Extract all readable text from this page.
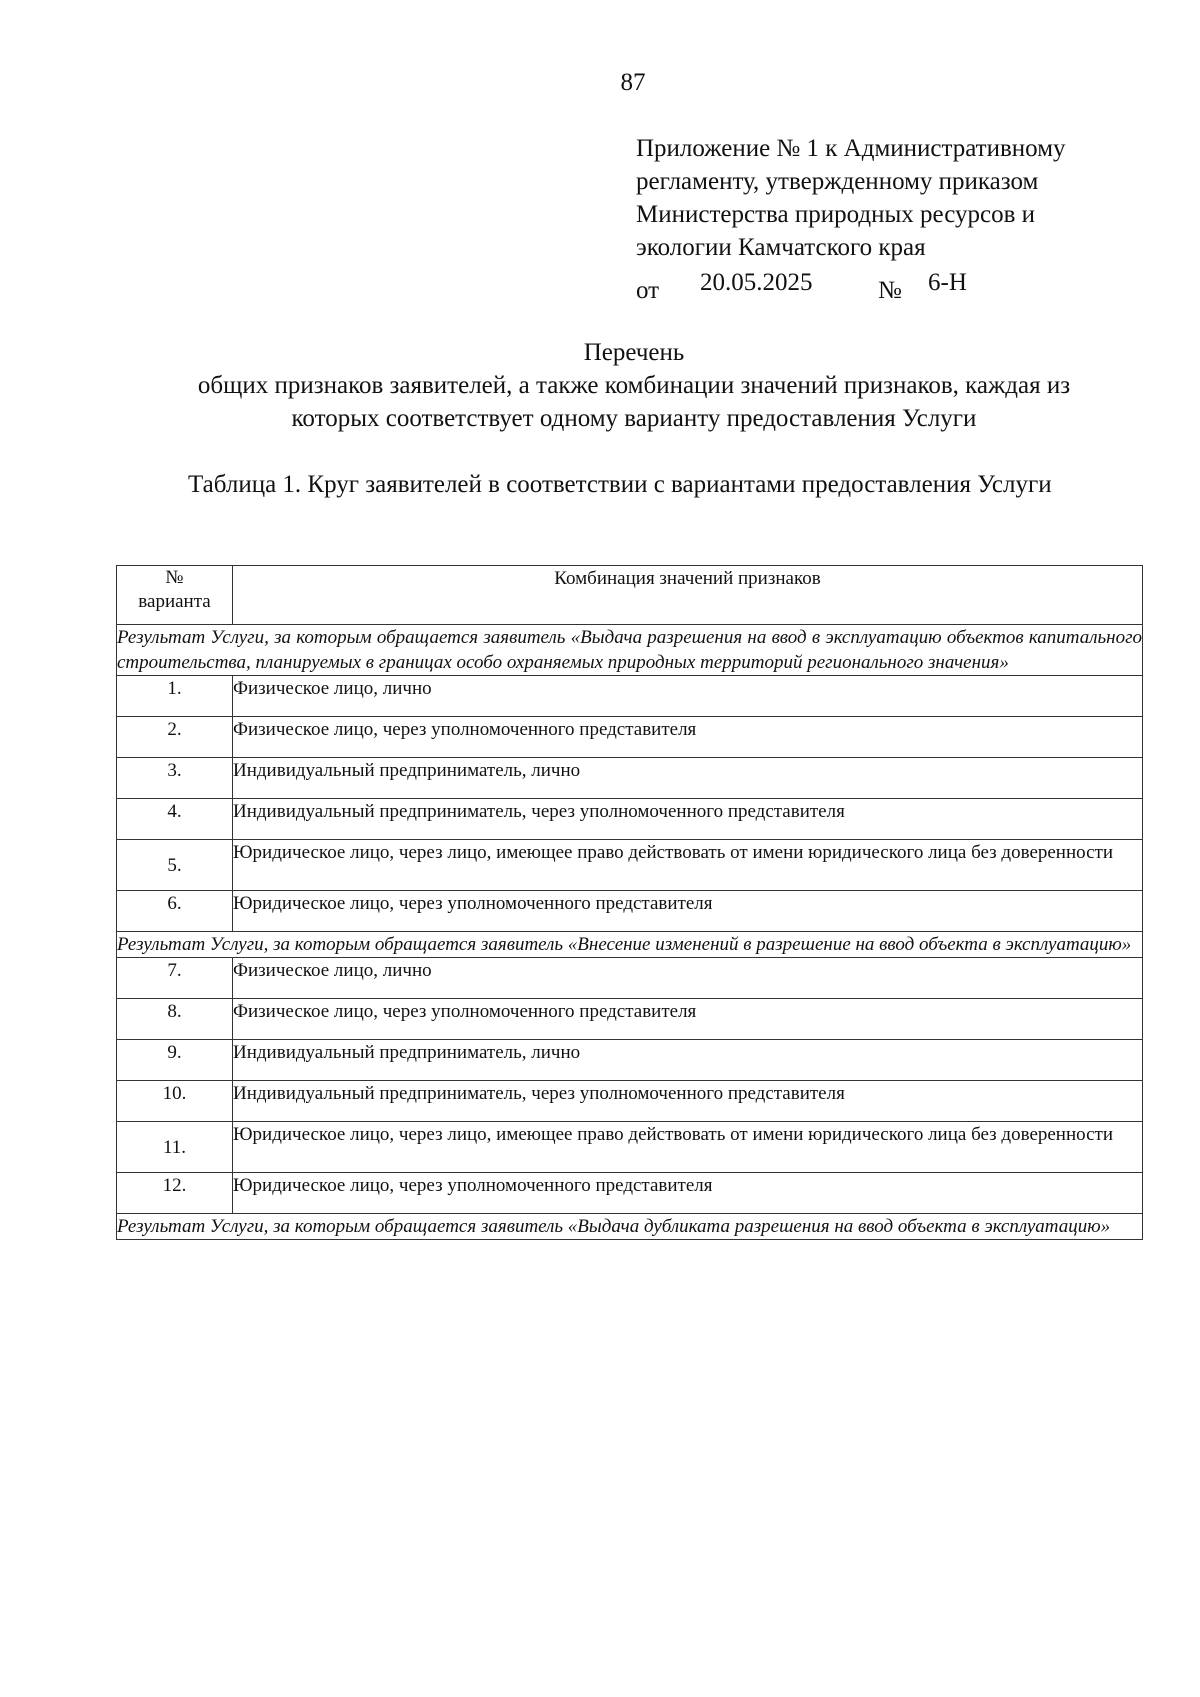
87
Приложение № 1 к Административному
регламенту, утвержденному приказом
Министерства природных ресурсов и
экологии Камчатского края
от 20.05.2025	№ 6-Н
Перечень
общих признаков заявителей, а также комбинации значений признаков, каждая из
которых соответствует одному варианту предоставления Услуги
Таблица 1. Круг заявителей в соответствии с вариантами предоставления Услуги
№
варианта	Комбинация значений признаков
Результат Услуги, за которым обращается заявитель «Выдача разрешения на ввод в эксплуатацию объектов капитального строительства, планируемых в границах особо охраняемых природных территорий регионального значения»	
1.	Физическое лицо, лично
2.	Физическое лицо, через уполномоченного представителя
3.	Индивидуальный предприниматель, лично
4.	Индивидуальный предприниматель, через уполномоченного представителя
5.	Юридическое лицо, через лицо, имеющее право действовать от имени юридического лица без доверенности
6.	Юридическое лицо, через уполномоченного представителя
Результат Услуги, за которым обращается заявитель «Внесение изменений в разрешение на ввод объекта в эксплуатацию»	
7.	Физическое лицо, лично
8.	Физическое лицо, через уполномоченного представителя
9.	Индивидуальный предприниматель, лично
10.	Индивидуальный предприниматель, через уполномоченного представителя
11.	Юридическое лицо, через лицо, имеющее право действовать от имени юридического лица без доверенности
12.	Юридическое лицо, через уполномоченного представителя
Результат Услуги, за которым обращается заявитель «Выдача дубликата разрешения на ввод объекта в эксплуатацию»	
